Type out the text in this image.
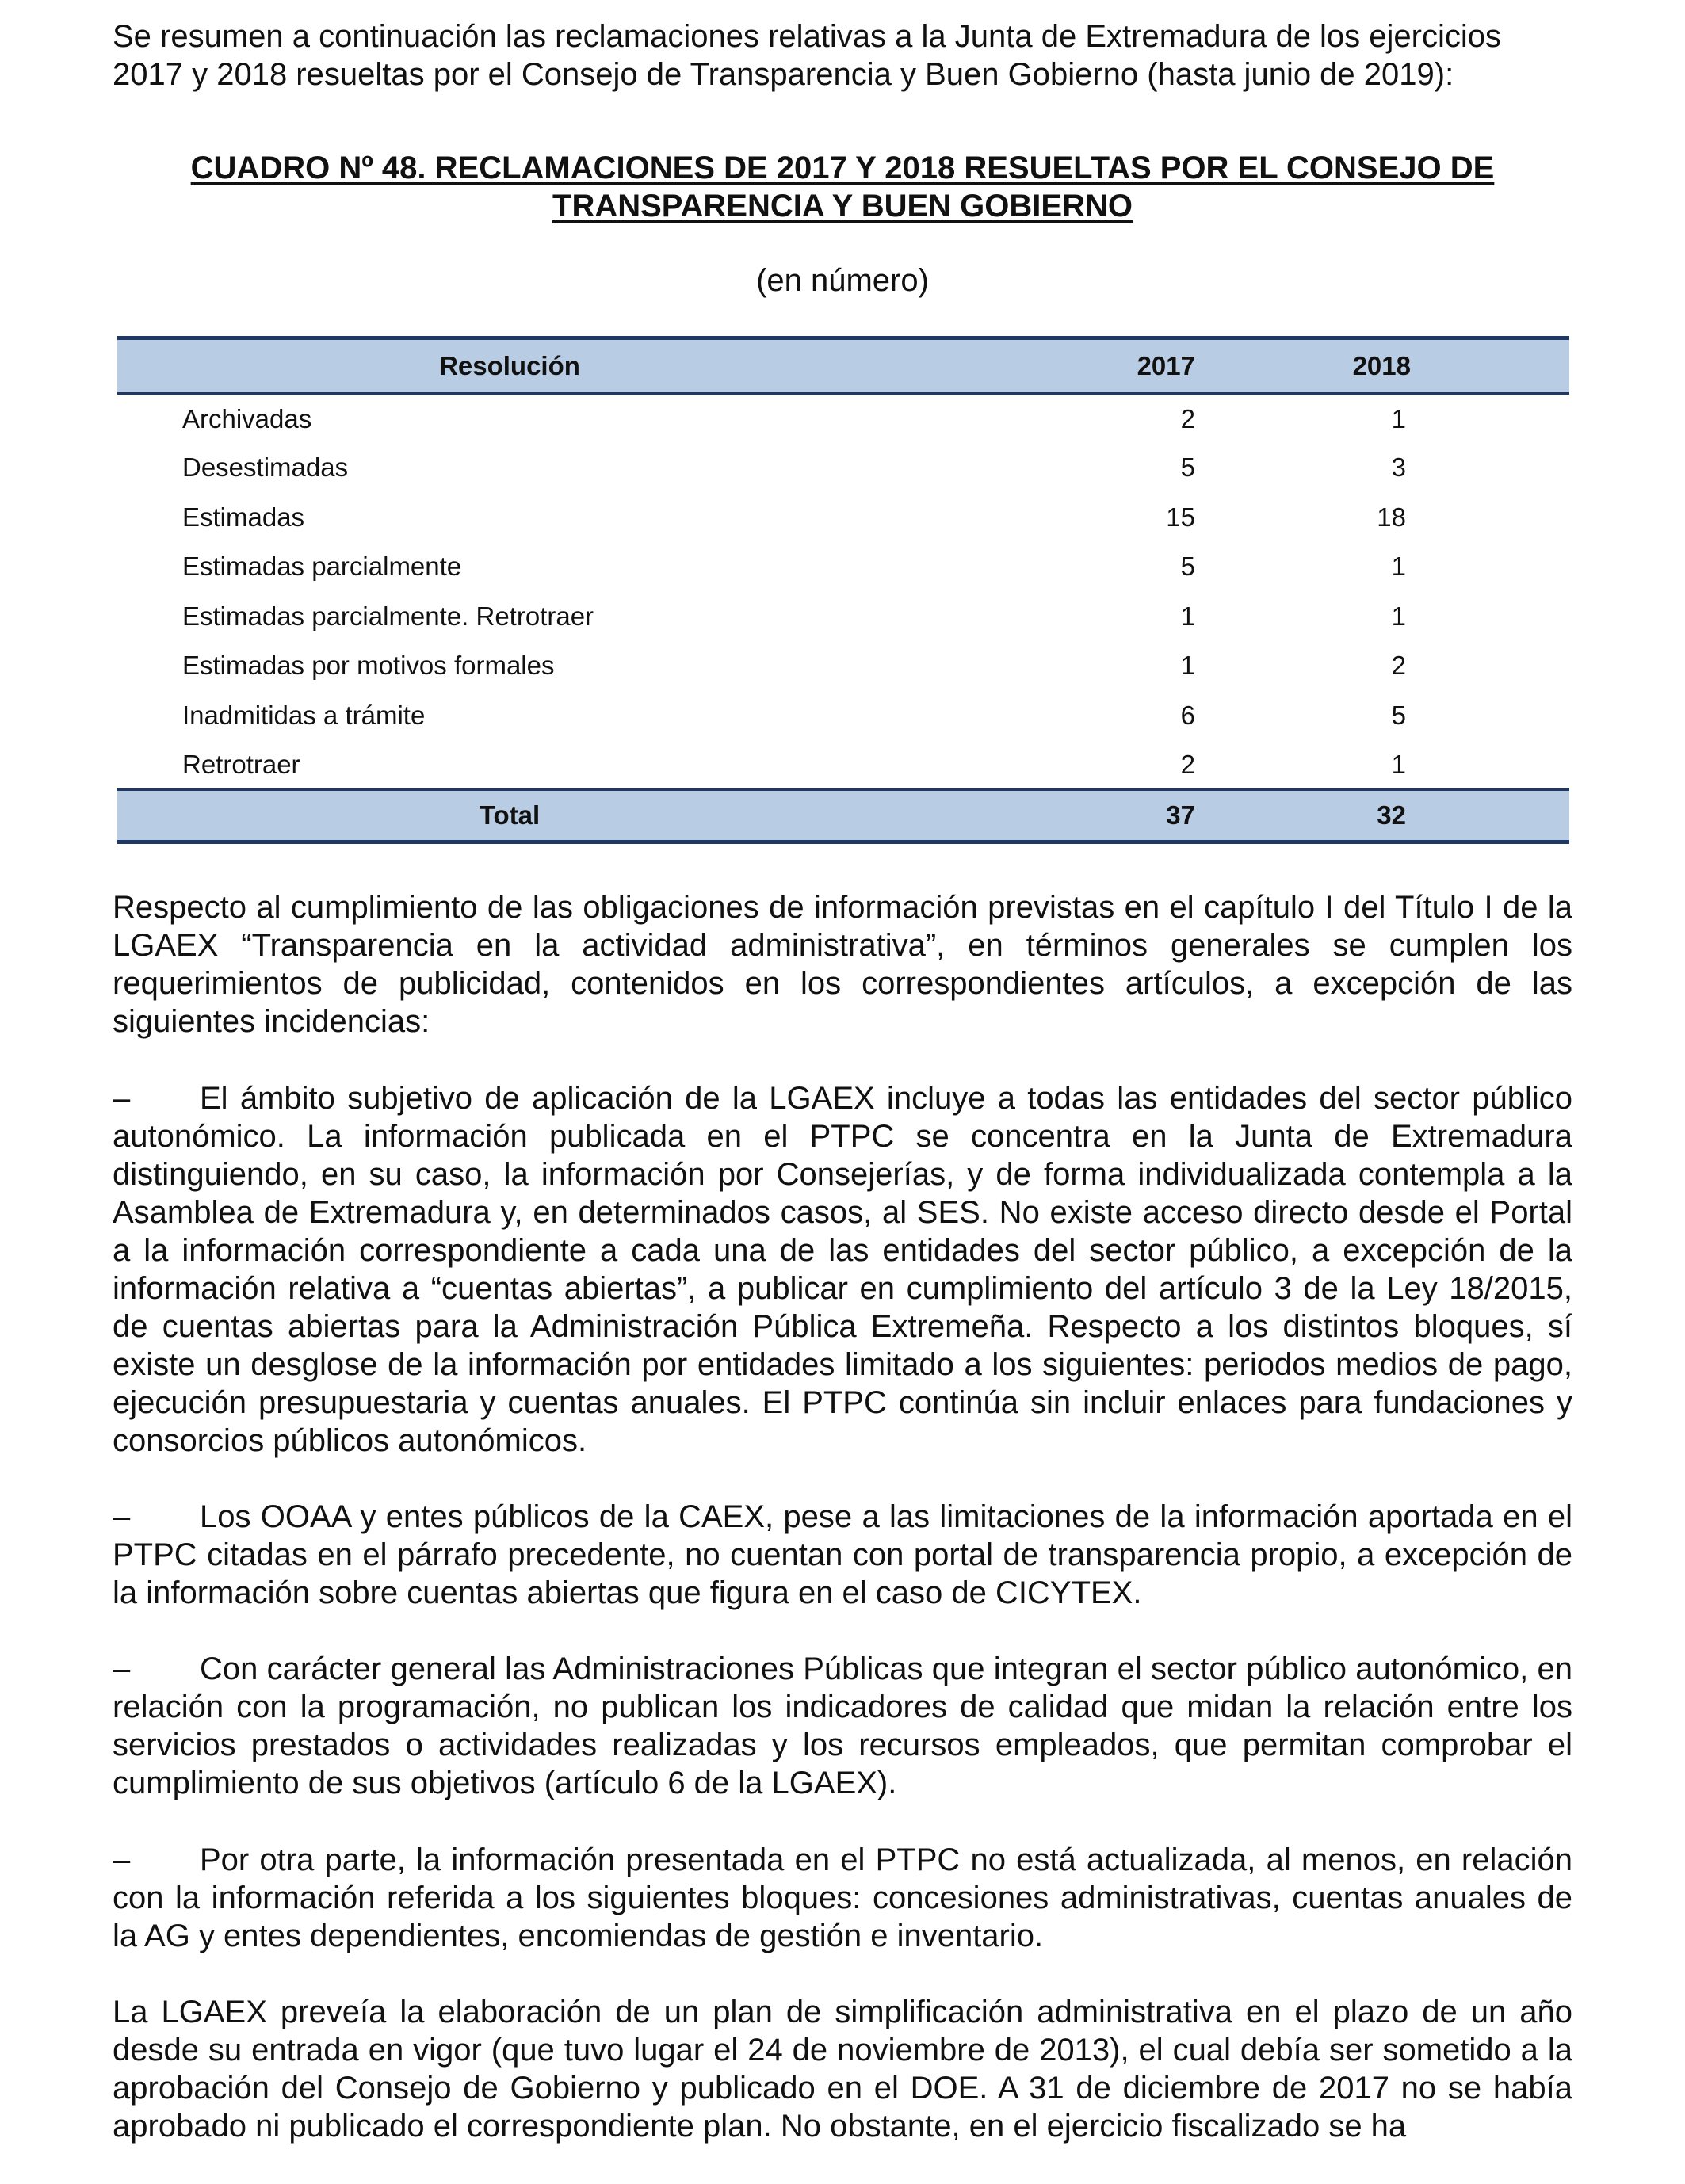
Se resumen a continuación las reclamaciones relativas a la Junta de Extremadura de los ejercicios 2017 y 2018 resueltas por el Consejo de Transparencia y Buen Gobierno (hasta junio de 2019):

CUADRO Nº 48. RECLAMACIONES DE 2017 Y 2018 RESUELTAS POR EL CONSEJO DE TRANSPARENCIA Y BUEN GOBIERNO

(en número)

Resolución	2017	2018
Archivadas	2	1
Desestimadas	5	3
Estimadas	15	18
Estimadas parcialmente	5	1
Estimadas parcialmente. Retrotraer	1	1
Estimadas por motivos formales	1	2
Inadmitidas a trámite	6	5
Retrotraer	2	1
Total	37	32

Respecto al cumplimiento de las obligaciones de información previstas en el capítulo I del Título I de la LGAEX “Transparencia en la actividad administrativa”, en términos generales se cumplen los requerimientos de publicidad, contenidos en los correspondientes artículos, a excepción de las siguientes incidencias:

– El ámbito subjetivo de aplicación de la LGAEX incluye a todas las entidades del sector público autonómico. La información publicada en el PTPC se concentra en la Junta de Extremadura distinguiendo, en su caso, la información por Consejerías, y de forma individualizada contempla a la Asamblea de Extremadura y, en determinados casos, al SES. No existe acceso directo desde el Portal a la información correspondiente a cada una de las entidades del sector público, a excepción de la información relativa a “cuentas abiertas”, a publicar en cumplimiento del artículo 3 de la Ley 18/2015, de cuentas abiertas para la Administración Pública Extremeña. Respecto a los distintos bloques, sí existe un desglose de la información por entidades limitado a los siguientes: periodos medios de pago, ejecución presupuestaria y cuentas anuales. El PTPC continúa sin incluir enlaces para fundaciones y consorcios públicos autonómicos.

– Los OOAA y entes públicos de la CAEX, pese a las limitaciones de la información aportada en el PTPC citadas en el párrafo precedente, no cuentan con portal de transparencia propio, a excepción de la información sobre cuentas abiertas que figura en el caso de CICYTEX.

– Con carácter general las Administraciones Públicas que integran el sector público autonómico, en relación con la programación, no publican los indicadores de calidad que midan la relación entre los servicios prestados o actividades realizadas y los recursos empleados, que permitan comprobar el cumplimiento de sus objetivos (artículo 6 de la LGAEX).

– Por otra parte, la información presentada en el PTPC no está actualizada, al menos, en relación con la información referida a los siguientes bloques: concesiones administrativas, cuentas anuales de la AG y entes dependientes, encomiendas de gestión e inventario.

La LGAEX preveía la elaboración de un plan de simplificación administrativa en el plazo de un año desde su entrada en vigor (que tuvo lugar el 24 de noviembre de 2013), el cual debía ser sometido a la aprobación del Consejo de Gobierno y publicado en el DOE. A 31 de diciembre de 2017 no se había aprobado ni publicado el correspondiente plan. No obstante, en el ejercicio fiscalizado se ha
